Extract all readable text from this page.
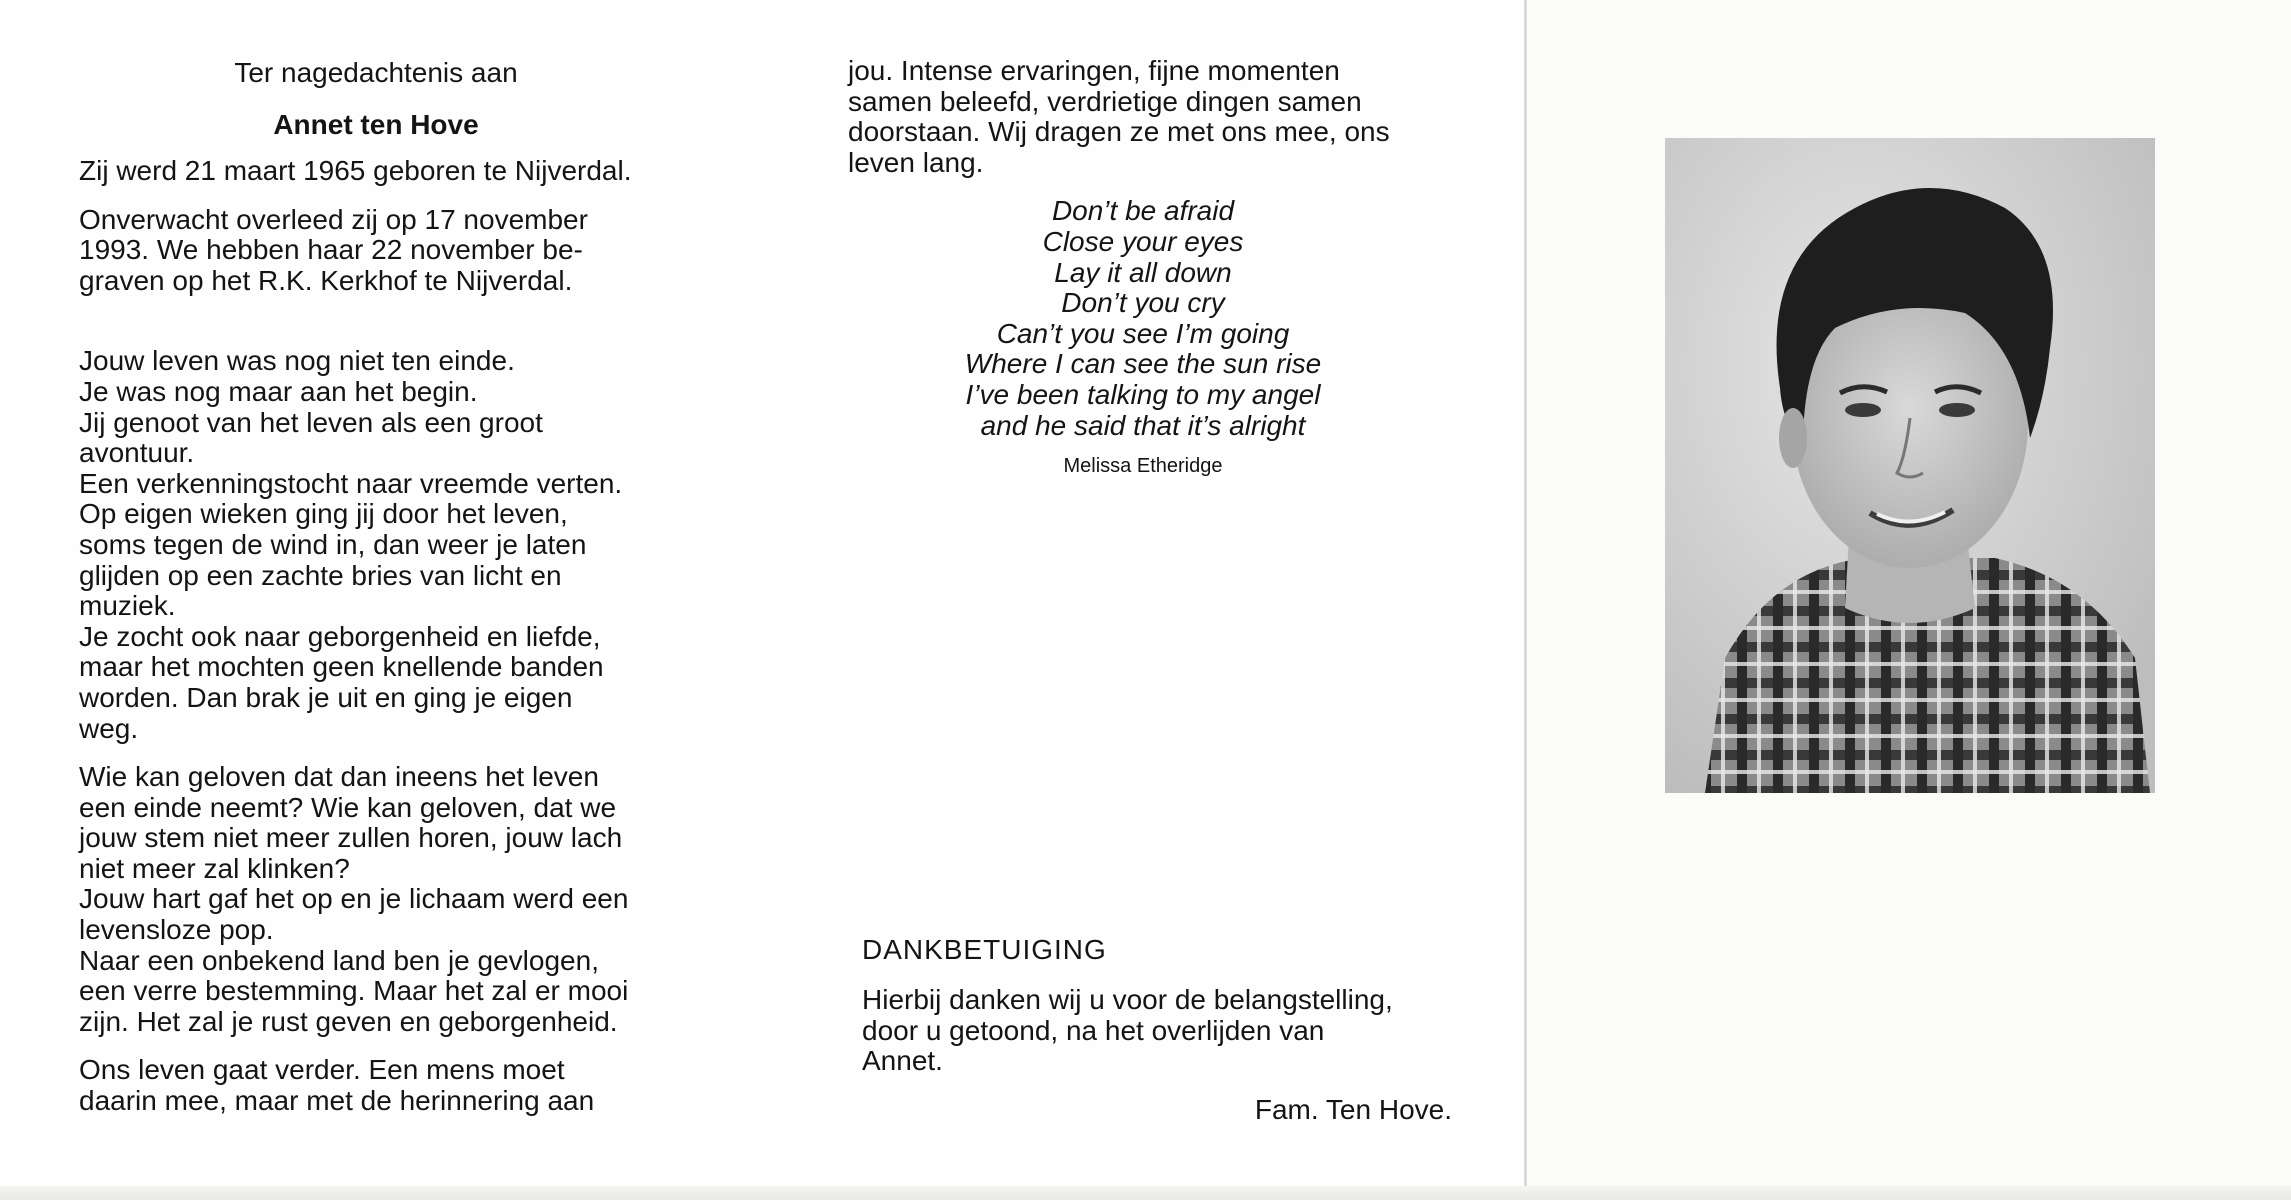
Ter nagedachtenis aan

Annet ten Hove

Zij werd 21 maart 1965 geboren te Nijverdal.

Onverwacht overleed zij op 17 november
1993. We hebben haar 22 november be-
graven op het R.K. Kerkhof te Nijverdal.

Jouw leven was nog niet ten einde.
Je was nog maar aan het begin.
Jij genoot van het leven als een groot
avontuur.
Een verkenningstocht naar vreemde verten.
Op eigen wieken ging jij door het leven,
soms tegen de wind in, dan weer je laten
glijden op een zachte bries van licht en
muziek.
Je zocht ook naar geborgenheid en liefde,
maar het mochten geen knellende banden
worden. Dan brak je uit en ging je eigen
weg.

Wie kan geloven dat dan ineens het leven
een einde neemt? Wie kan geloven, dat we
jouw stem niet meer zullen horen, jouw lach
niet meer zal klinken?
Jouw hart gaf het op en je lichaam werd een
levensloze pop.
Naar een onbekend land ben je gevlogen,
een verre bestemming. Maar het zal er mooi
zijn. Het zal je rust geven en geborgenheid.

Ons leven gaat verder. Een mens moet
daarin mee, maar met de herinnering aan

jou. Intense ervaringen, fijne momenten
samen beleefd, verdrietige dingen samen
doorstaan. Wij dragen ze met ons mee, ons
leven lang.

Don’t be afraid
Close your eyes
Lay it all down
Don’t you cry
Can’t you see I’m going
Where I can see the sun rise
I’ve been talking to my angel
and he said that it’s alright

Melissa Etheridge
DANKBETUIGING

Hierbij danken wij u voor de belangstelling,
door u getoond, na het overlijden van
Annet.

Fam. Ten Hove.
